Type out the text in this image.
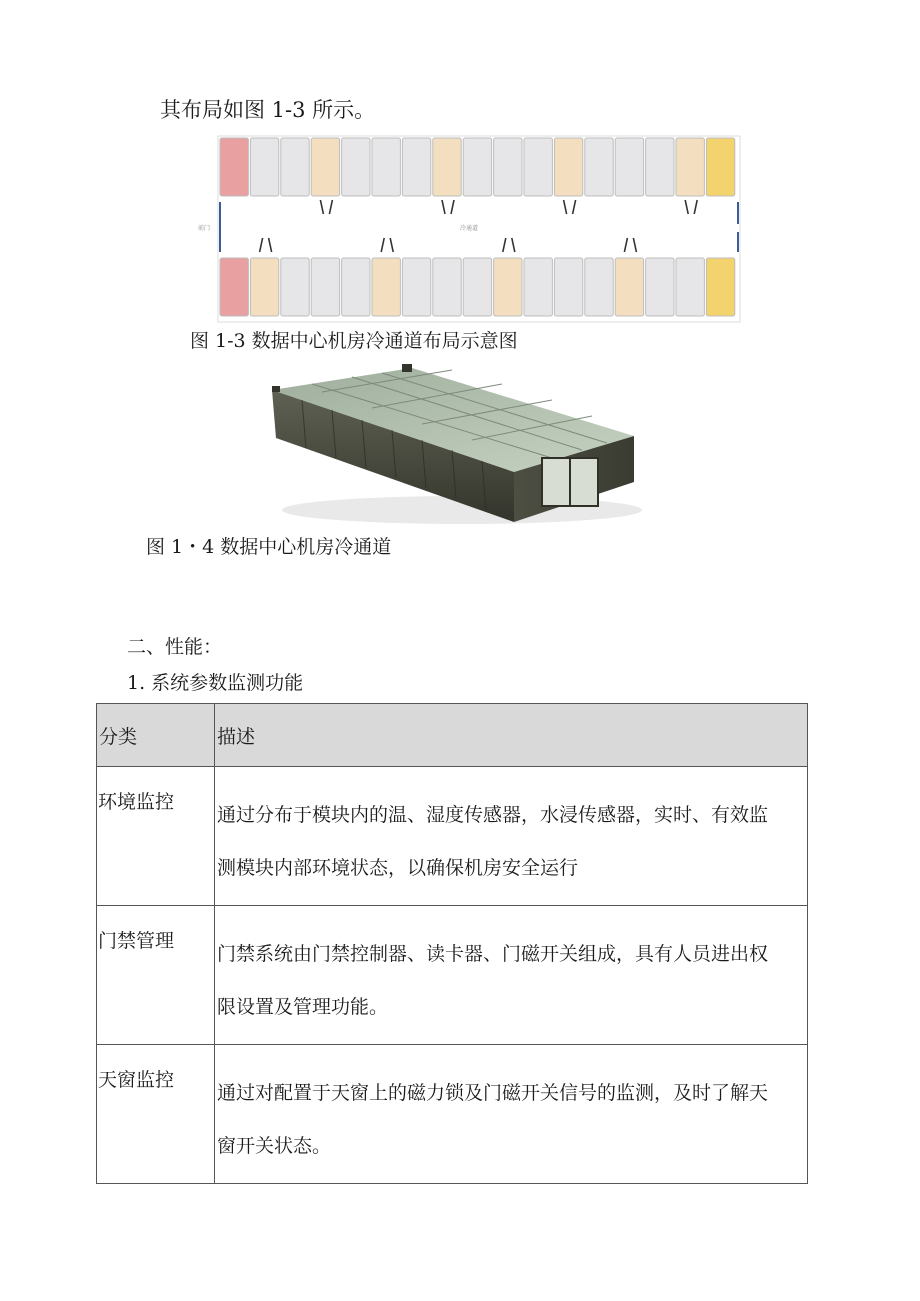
其布局如图 1-3 所示。
前门	冷通道
图 1-3 数据中心机房冷通道布局示意图
图 1・4 数据中心机房冷通道
二、性能：
1. 系统参数监测功能
分类	描述
环境监控	通过分布于模块内的温、湿度传感器，水浸传感器，实时、有效监
测模块内部环境状态，以确保机房安全运行
门禁管理	门禁系统由门禁控制器、读卡器、门磁开关组成，具有人员进出权
限设置及管理功能。
天窗监控	通过对配置于天窗上的磁力锁及门磁开关信号的监测，及时了解天
窗开关状态。
